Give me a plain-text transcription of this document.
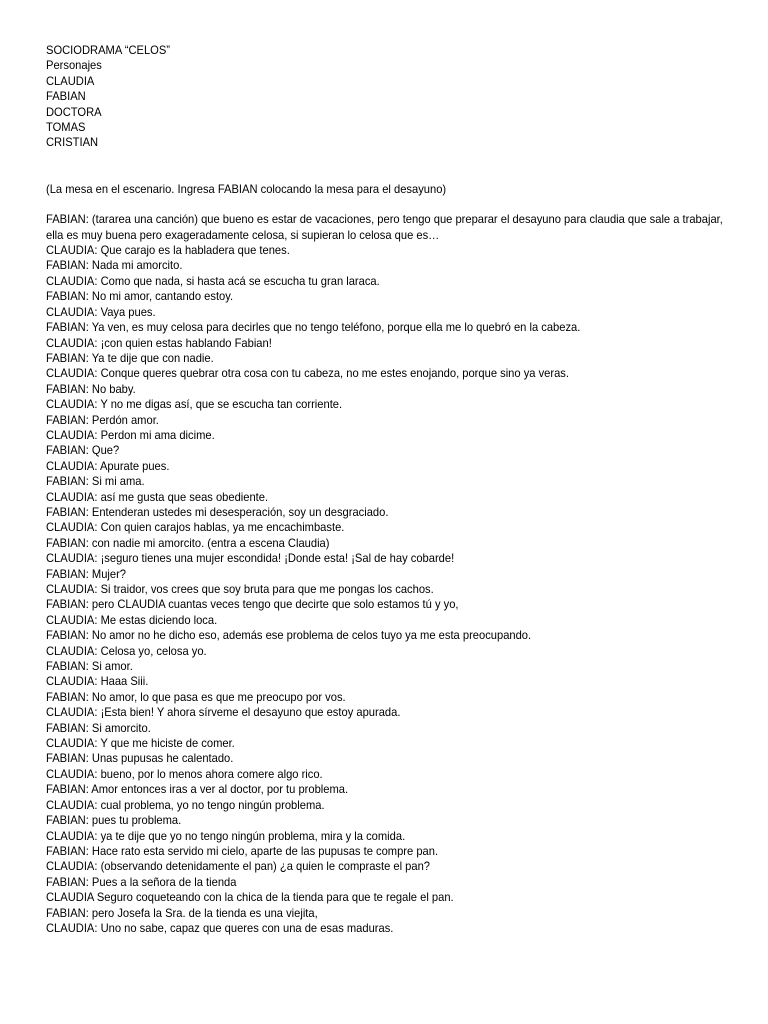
SOCIODRAMA “CELOS”
Personajes
CLAUDIA
FABIAN
DOCTORA
TOMAS
CRISTIAN
(La mesa en el escenario. Ingresa FABIAN colocando la mesa para el desayuno)
FABIAN: (tararea una canción) que bueno es estar de vacaciones, pero tengo que preparar el desayuno para claudia que sale a trabajar, ella es muy buena pero exageradamente celosa, si supieran lo celosa que es…
CLAUDIA: Que carajo es la habladera que tenes.
FABIAN: Nada mi amorcito.
CLAUDIA: Como que nada, si hasta acá se escucha tu gran laraca.
FABIAN: No mi amor, cantando estoy.
CLAUDIA: Vaya pues.
FABIAN: Ya ven, es muy celosa para decirles que no tengo teléfono, porque ella me lo quebró en la cabeza.
CLAUDIA: ¡con quien estas hablando Fabian!
FABIAN: Ya te dije que con nadie.
CLAUDIA: Conque queres quebrar otra cosa con tu cabeza, no me estes enojando, porque sino ya veras.
FABIAN: No baby.
CLAUDIA: Y no me digas así, que se escucha tan corriente.
FABIAN: Perdón amor.
CLAUDIA: Perdon mi ama dicime.
FABIAN: Que?
CLAUDIA: Apurate pues.
FABIAN: Si mi ama.
CLAUDIA: así me gusta que seas obediente.
FABIAN: Entenderan ustedes mi desesperación, soy un desgraciado.
CLAUDIA: Con quien carajos hablas, ya me encachimbaste.
FABIAN: con nadie mi amorcito. (entra a escena Claudia)
CLAUDIA: ¡seguro tienes una mujer escondida! ¡Donde esta! ¡Sal de hay cobarde!
FABIAN: Mujer?
CLAUDIA: Si traidor, vos crees que soy bruta para que me pongas los cachos.
FABIAN: pero CLAUDIA cuantas veces tengo que decirte que solo estamos tú y yo,
CLAUDIA: Me estas diciendo loca.
FABIAN: No amor no he dicho eso, además ese problema de celos tuyo ya me esta preocupando.
CLAUDIA: Celosa yo, celosa yo.
FABIAN: Si amor.
CLAUDIA: Haaa Siii.
FABIAN: No amor, lo que pasa es que me preocupo por vos.
CLAUDIA: ¡Esta bien! Y ahora sírveme el desayuno que estoy apurada.
FABIAN: Si amorcito.
CLAUDIA: Y que me hiciste de comer.
FABIAN: Unas pupusas he calentado.
CLAUDIA: bueno, por lo menos ahora comere algo rico.
FABIAN: Amor entonces iras a ver al doctor, por tu problema.
CLAUDIA: cual problema, yo no tengo ningún problema.
FABIAN: pues tu problema.
CLAUDIA: ya te dije que yo no tengo ningún problema, mira y la comida.
FABIAN: Hace rato esta servido mi cielo, aparte de las pupusas te compre pan.
CLAUDIA: (observando detenidamente el pan) ¿a quien le compraste el pan?
FABIAN: Pues a la señora de la tienda
CLAUDIA Seguro coqueteando con la chica de la tienda para que te regale el pan.
FABIAN: pero Josefa la Sra. de la tienda es una viejita,
CLAUDIA: Uno no sabe, capaz que queres con una de esas maduras.
